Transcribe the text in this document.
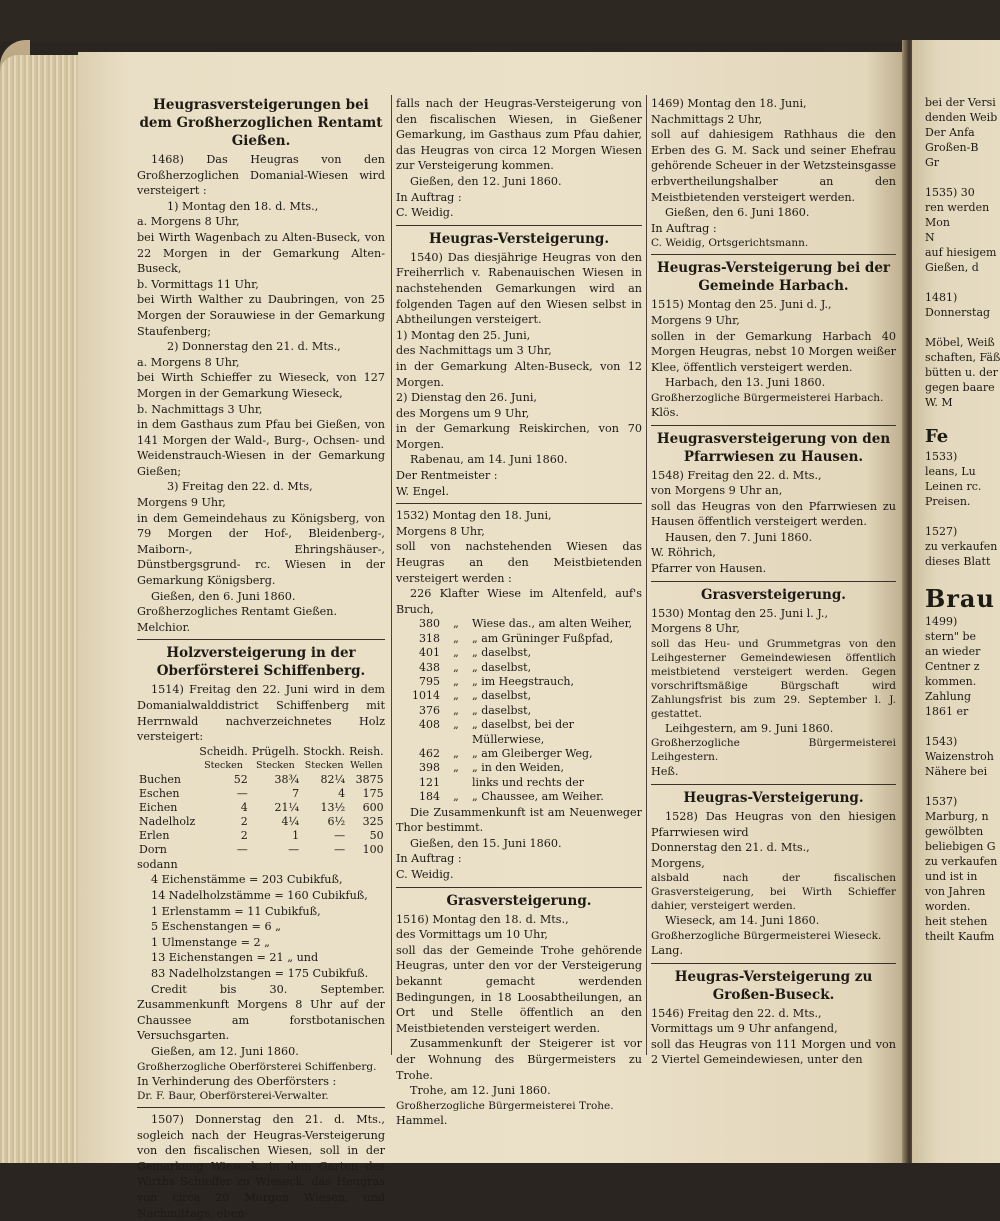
Heugrasversteigerungen bei dem Großherzoglichen Rentamt Gießen.

1468) Das Heugras von den Großherzoglichen Domanial-Wiesen wird versteigert :

1) Montag den 18. d. Mts.,

a. Morgens 8 Uhr,

bei Wirth Wagenbach zu Alten-Buseck, von 22 Morgen in der Gemarkung Alten-Buseck,

b. Vormittags 11 Uhr,

bei Wirth Walther zu Daubringen, von 25 Morgen der Sorauwiese in der Gemarkung Staufenberg;

2) Donnerstag den 21. d. Mts.,

a. Morgens 8 Uhr,

bei Wirth Schieffer zu Wieseck, von 127 Morgen in der Gemarkung Wieseck,

b. Nachmittags 3 Uhr,

in dem Gasthaus zum Pfau bei Gießen, von 141 Morgen der Wald-, Burg-, Ochsen- und Weidenstrauch-Wiesen in der Gemarkung Gießen;

3) Freitag den 22. d. Mts,

Morgens 9 Uhr,

in dem Gemeindehaus zu Königsberg, von 79 Morgen der Hof-, Bleidenberg-, Maiborn-, Ehringshäuser-, Dünstbergsgrund- rc. Wiesen in der Gemarkung Königsberg.

Gießen, den 6. Juni 1860.

Großherzogliches Rentamt Gießen.

Melchior.

Holzversteigerung in der Oberförsterei Schiffenberg.

1514) Freitag den 22. Juni wird in dem Domanialwalddistrict Schiffenberg mit Herrnwald nachverzeichnetes Holz versteigert:

	Scheidh.	Prügelh.	Stockh.	Reish.
	Stecken	Stecken	Stecken	Wellen
Buchen	52	38¾	82¼	3875
Eschen	—	7	4	175
Eichen	4	21¼	13½	600
Nadelholz	2	4¼	6½	325
Erlen	2	1	—	50
Dorn	—	—	—	100

sodann

4 Eichenstämme = 203 Cubikfuß,

14 Nadelholzstämme = 160 Cubikfuß,

1 Erlenstamm = 11 Cubikfuß,

5 Eschenstangen = 6 „

1 Ulmenstange = 2 „

13 Eichenstangen = 21 „ und

83 Nadelholzstangen = 175 Cubikfuß.

Credit bis 30. September. Zusammenkunft Morgens 8 Uhr auf der Chaussee am forstbotanischen Versuchsgarten.

Gießen, am 12. Juni 1860.

Großherzogliche Oberförsterei Schiffenberg.

In Verhinderung des Oberförsters :

Dr. F. Baur, Oberförsterei-Verwalter.

1507) Donnerstag den 21. d. Mts., sogleich nach der Heugras-Versteigerung von den fiscalischen Wiesen, soll in der Gemarkung Wieseck, in dem Garten des Wirths Schieffer zu Wieseck, das Heugras von circa 20 Morgen Wiesen, und Nachmittags, eben-

falls nach der Heugras-Versteigerung von den fiscalischen Wiesen, in Gießener Gemarkung, im Gasthaus zum Pfau dahier, das Heugras von circa 12 Morgen Wiesen zur Versteigerung kommen.

Gießen, den 12. Juni 1860.

In Auftrag :

C. Weidig.

Heugras-Versteigerung.

1540) Das diesjährige Heugras von den Freiherrlich v. Rabenauischen Wiesen in nachstehenden Gemarkungen wird an folgenden Tagen auf den Wiesen selbst in Abtheilungen versteigert.

1) Montag den 25. Juni,

des Nachmittags um 3 Uhr,

in der Gemarkung Alten-Buseck, von 12 Morgen.

2) Dienstag den 26. Juni,

des Morgens um 9 Uhr,

in der Gemarkung Reiskirchen, von 70 Morgen.

Rabenau, am 14. Juni 1860.

Der Rentmeister :

W. Engel.

1532) Montag den 18. Juni,

Morgens 8 Uhr,

soll von nachstehenden Wiesen das Heugras an den Meistbietenden versteigert werden :

226 Klafter Wiese im Altenfeld, auf's Bruch,

380	„	Wiese das., am alten Weiher,
318	„	„ am Grüninger Fußpfad,
401	„	„ daselbst,
438	„	„ daselbst,
795	„	„ im Heegstrauch,
1014	„	„ daselbst,
376	„	„ daselbst,
408	„	„ daselbst, bei der Müllerwiese,
462	„	„ am Gleiberger Weg,
398	„	„ in den Weiden,
121		links und rechts der
184	„	„ Chaussee, am Weiher.

Die Zusammenkunft ist am Neuenweger Thor bestimmt.

Gießen, den 15. Juni 1860.

In Auftrag :

C. Weidig.

Grasversteigerung.

1516) Montag den 18. d. Mts.,

des Vormittags um 10 Uhr,

soll das der Gemeinde Trohe gehörende Heugras, unter den vor der Versteigerung bekannt gemacht werdenden Bedingungen, in 18 Loosabtheilungen, an Ort und Stelle öffentlich an den Meistbietenden versteigert werden.

Zusammenkunft der Steigerer ist vor der Wohnung des Bürgermeisters zu Trohe.

Trohe, am 12. Juni 1860.

Großherzogliche Bürgermeisterei Trohe.

Hammel.

1469) Montag den 18. Juni,

Nachmittags 2 Uhr,

soll auf dahiesigem Rathhaus die den Erben des G. M. Sack und seiner Ehefrau gehörende Scheuer in der Wetzsteinsgasse erbvertheilungshalber an den Meistbietenden versteigert werden.

Gießen, den 6. Juni 1860.

In Auftrag :

C. Weidig, Ortsgerichtsmann.

Heugras-Versteigerung bei der Gemeinde Harbach.

1515) Montag den 25. Juni d. J.,

Morgens 9 Uhr,

sollen in der Gemarkung Harbach 40 Morgen Heugras, nebst 10 Morgen weißer Klee, öffentlich versteigert werden.

Harbach, den 13. Juni 1860.

Großherzogliche Bürgermeisterei Harbach.

Klös.

Heugrasversteigerung von den Pfarrwiesen zu Hausen.

1548) Freitag den 22. d. Mts.,

von Morgens 9 Uhr an,

soll das Heugras von den Pfarrwiesen zu Hausen öffentlich versteigert werden.

Hausen, den 7. Juni 1860.

W. Röhrich,

Pfarrer von Hausen.

Grasversteigerung.

1530) Montag den 25. Juni l. J.,

Morgens 8 Uhr,

soll das Heu- und Grummetgras von den Leihgesterner Gemeindewiesen öffentlich meistbietend versteigert werden. Gegen vorschriftsmäßige Bürgschaft wird Zahlungsfrist bis zum 29. September l. J. gestattet.

Leihgestern, am 9. Juni 1860.

Großherzogliche Bürgermeisterei Leihgestern.

Heß.

Heugras-Versteigerung.

1528) Das Heugras von den hiesigen Pfarrwiesen wird

Donnerstag den 21. d. Mts.,

Morgens,

alsbald nach der fiscalischen Grasversteigerung, bei Wirth Schieffer dahier, versteigert werden.

Wieseck, am 14. Juni 1860.

Großherzogliche Bürgermeisterei Wieseck.

Lang.

Heugras-Versteigerung zu Großen-Buseck.

1546) Freitag den 22. d. Mts.,

Vormittags um 9 Uhr anfangend,

soll das Heugras von 111 Morgen und von 2 Viertel Gemeindewiesen, unter den

bei der Versi

denden Weib

Der Anfa

Großen-B

Gr

1535) 30

ren werden

Mon

N

auf hiesigem

Gießen, d

1481)

Donnerstag

Möbel, Weiß

schaften, Fäß

bütten u. der

gegen baare

W. M

Fe

1533)

leans, Lu

Leinen rc.

Preisen.

1527)

zu verkaufen

dieses Blatt

Brau

1499)

stern" be

an wieder

Centner z

kommen.

Zahlung

1861 er

1543)

Waizenstroh

Nähere bei

1537)

Marburg, n

gewölbten

beliebigen G

zu verkaufen

und ist in

von Jahren

worden.

heit stehen

theilt Kaufm
